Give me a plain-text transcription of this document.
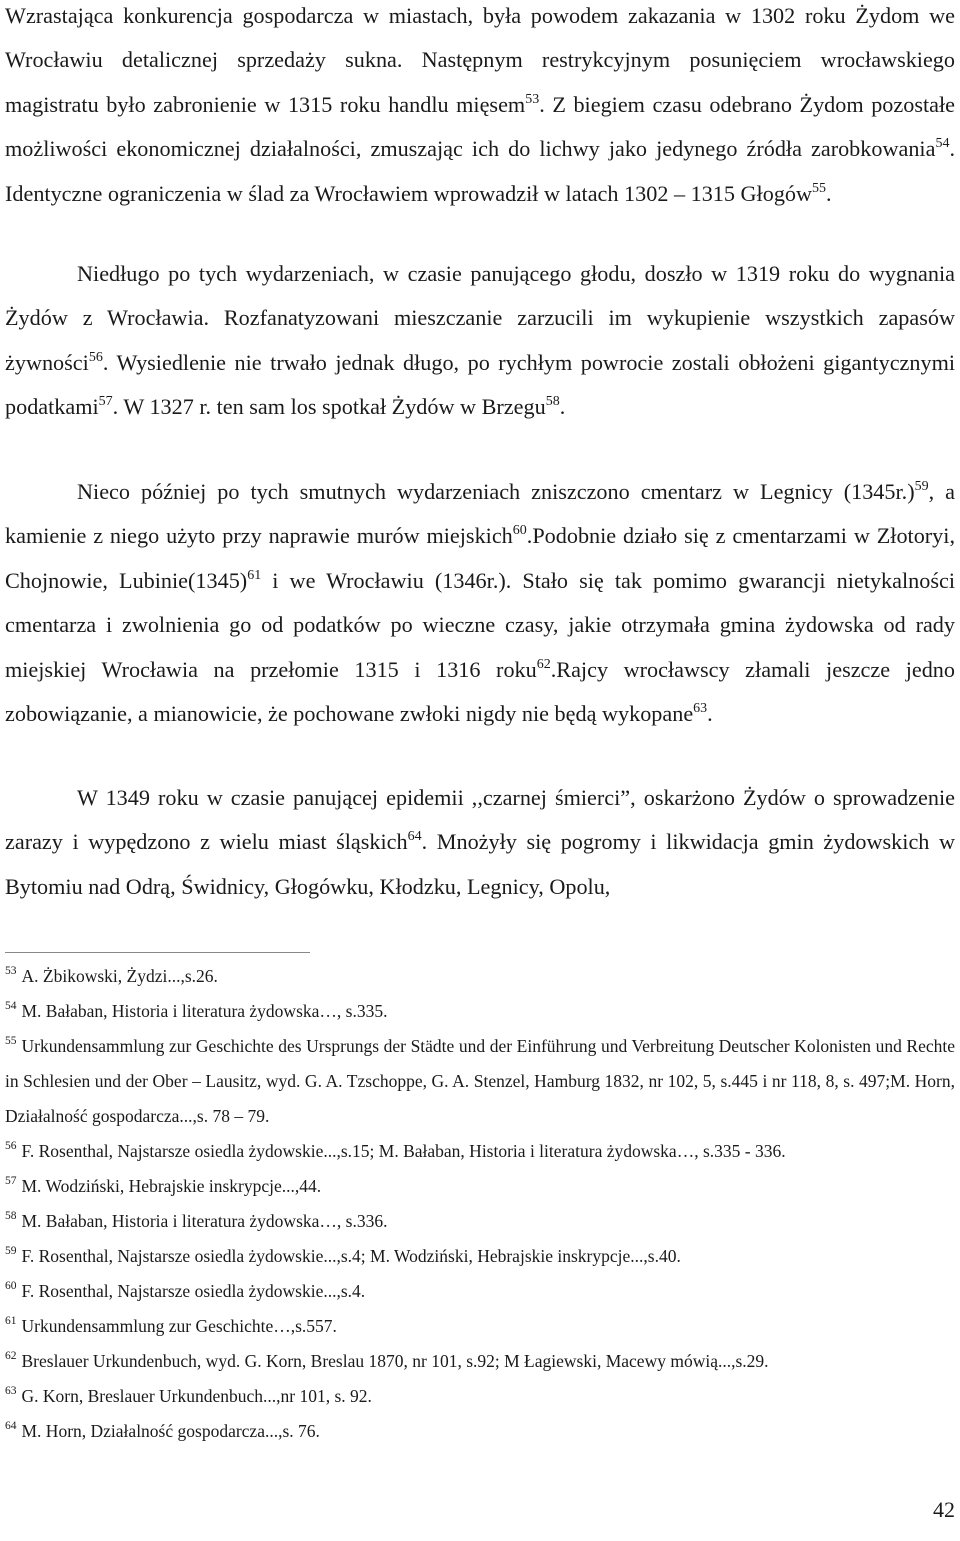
Wzrastająca konkurencja gospodarcza w miastach, była powodem zakazania w 1302 roku Żydom we Wrocławiu detalicznej sprzedaży sukna. Następnym restrykcyjnym posunięciem wrocławskiego magistratu było zabronienie w 1315 roku handlu mięsem$^{53}$. Z biegiem czasu odebrano Żydom pozostałe możliwości ekonomicznej działalności, zmuszając ich do lichwy jako jedynego źródła zarobkowania$^{54}$. Identyczne ograniczenia w ślad za Wrocławiem wprowadził w latach 1302 – 1315 Głogów$^{55}$.

Niedługo po tych wydarzeniach, w czasie panującego głodu, doszło w 1319 roku do wygnania Żydów z Wrocławia. Rozfanatyzowani mieszczanie zarzucili im wykupienie wszystkich zapasów żywności$^{56}$. Wysiedlenie nie trwało jednak długo, po rychłym powrocie zostali obłożeni gigantycznymi podatkami$^{57}$. W 1327 r. ten sam los spotkał Żydów w Brzegu$^{58}$.

Nieco później po tych smutnych wydarzeniach zniszczono cmentarz w Legnicy $(1345r.)^{59}$, a kamienie z niego użyto przy naprawie murów miejskich$^{60}$.Podobnie działo się z cmentarzami w Złotoryi, Chojnowie, $Lubinie(1345)^{61}$ i we Wrocławiu (1346r.). Stało się tak pomimo gwarancji nietykalności cmentarza i zwolnienia go od podatków po wieczne czasy, jakie otrzymała gmina żydowska od rady miejskiej Wrocławia na przełomie 1315 i 1316 roku$^{62}$.Rajcy wrocławscy złamali jeszcze jedno zobowiązanie, a mianowicie, że pochowane zwłoki nigdy nie będą wykopane$^{63}$.

W 1349 roku w czasie panującej epidemii ,,czarnej śmierci”, oskarżono Żydów o sprowadzenie zarazy i wypędzono z wielu miast śląskich$^{64}$. Mnożyły się pogromy i likwidacja gmin żydowskich w Bytomiu nad Odrą, Świdnicy, Głogówku, Kłodzku, Legnicy, Opolu,

$^{53}$ A. Żbikowski, Żydzi...,s.26.

$^{54}$ M. Bałaban, Historia i literatura żydowska…, s.335.

$^{55}$ Urkundensammlung zur Geschichte des Ursprungs der Städte und der Einführung und Verbreitung Deutscher Kolonisten und Rechte in Schlesien und der Ober – Lausitz, wyd. G. A. Tzschoppe, G. A. Stenzel, Hamburg 1832, nr 102, 5, s.445 i nr 118, 8, s. 497;M. Horn, Działalność gospodarcza...,s. 78 – 79.

$^{56}$ F. Rosenthal, Najstarsze osiedla żydowskie...,s.15; M. Bałaban, Historia i literatura żydowska…, s.335 - 336.

$^{57}$ M. Wodziński, Hebrajskie inskrypcje...,44.

$^{58}$ M. Bałaban, Historia i literatura żydowska…, s.336.

$^{59}$ F. Rosenthal, Najstarsze osiedla żydowskie...,s.4; M. Wodziński, Hebrajskie inskrypcje...,s.40.

$^{60}$ F. Rosenthal, Najstarsze osiedla żydowskie...,s.4.

$^{61}$ Urkundensammlung zur Geschichte…,s.557.

$^{62}$ Breslauer Urkundenbuch, wyd. G. Korn, Breslau 1870, nr 101, s.92; M Łagiewski, Macewy mówią...,s.29.

$^{63}$ G. Korn, Breslauer Urkundenbuch...,nr 101, s. 92.

$^{64}$ M. Horn, Działalność gospodarcza...,s. 76.

42
